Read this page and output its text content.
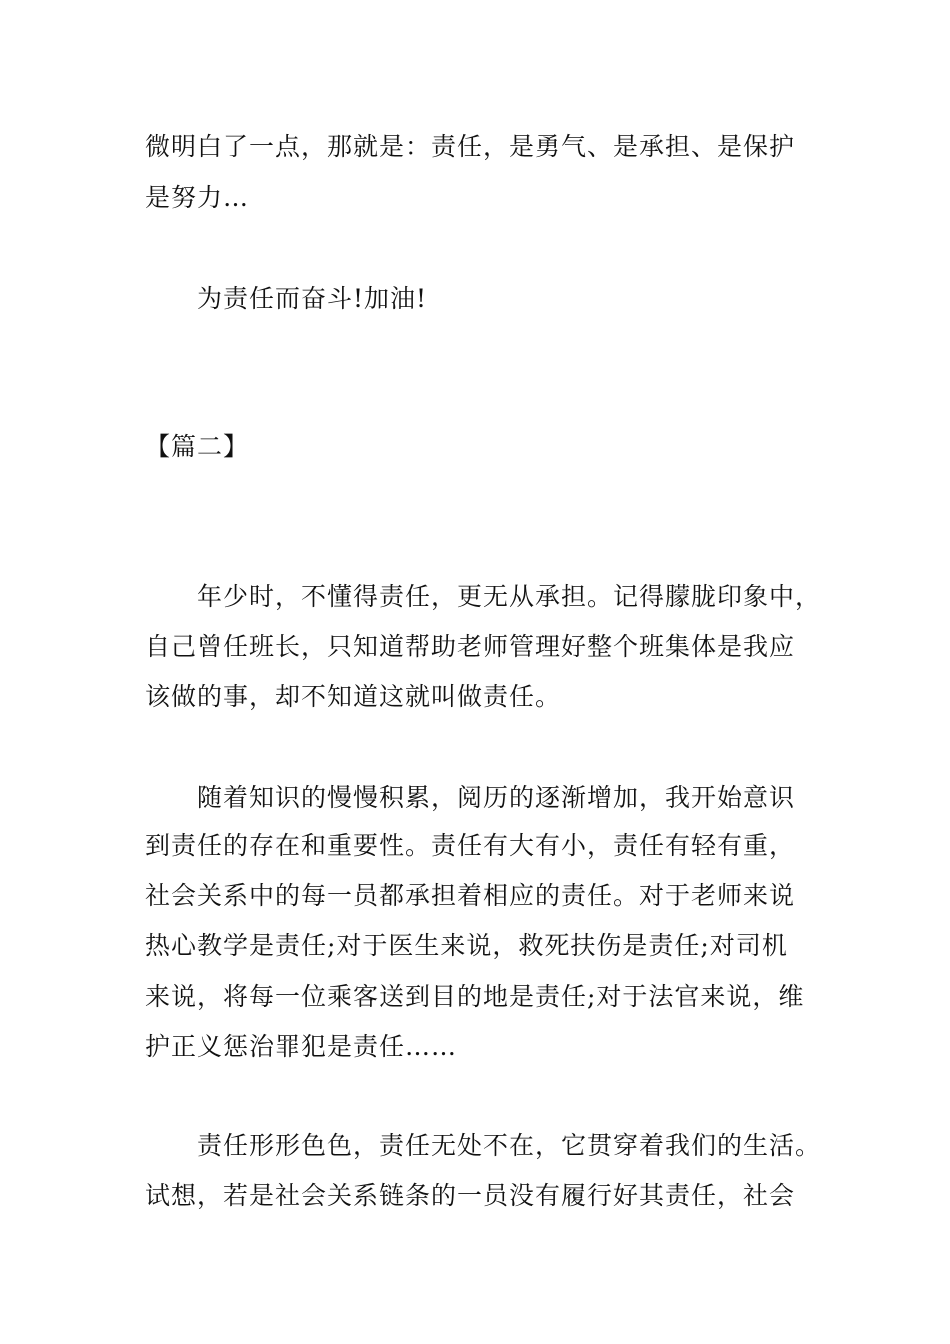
微明白了一点，那就是：责任，是勇气、是承担、是保护
是努力…
为责任而奋斗!加油!
【篇二】
年少时，不懂得责任，更无从承担。记得朦胧印象中，
自己曾任班长，只知道帮助老师管理好整个班集体是我应
该做的事，却不知道这就叫做责任。
随着知识的慢慢积累，阅历的逐渐增加，我开始意识
到责任的存在和重要性。责任有大有小，责任有轻有重，
社会关系中的每一员都承担着相应的责任。对于老师来说
热心教学是责任;对于医生来说，救死扶伤是责任;对司机
来说，将每一位乘客送到目的地是责任;对于法官来说，维
护正义惩治罪犯是责任……
责任形形色色，责任无处不在，它贯穿着我们的生活。
试想，若是社会关系链条的一员没有履行好其责任，社会
